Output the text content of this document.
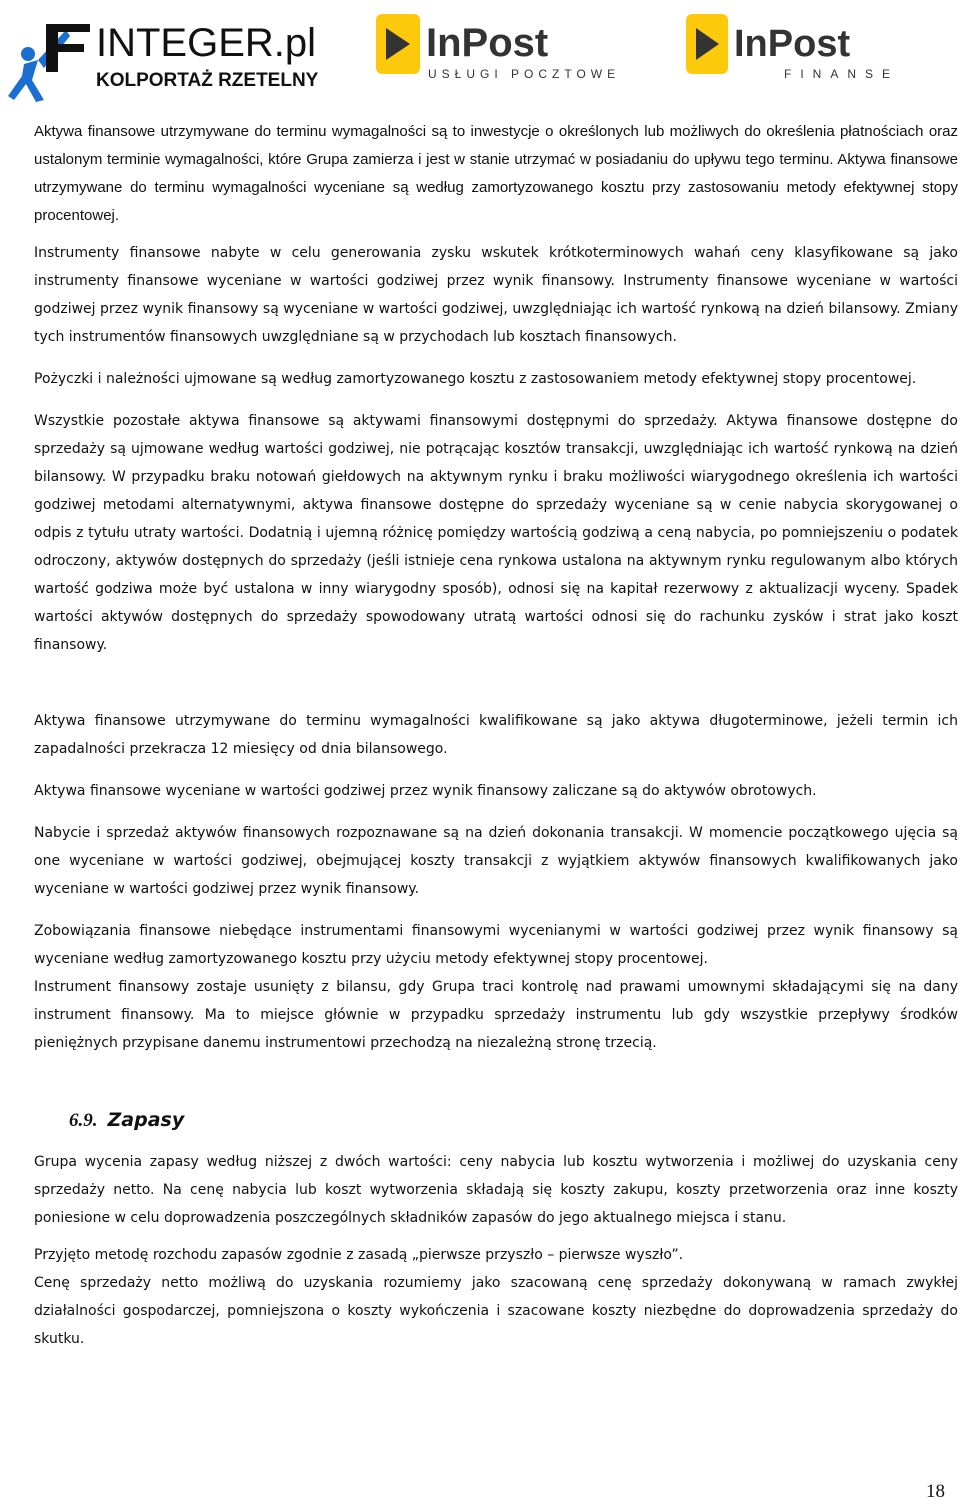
INTEGER.pl
KOLPORTAŻ RZETELNY
InPost
USŁUGI POCZTOWE
InPost
FINANSE

Aktywa finansowe utrzymywane do terminu wymagalności są to inwestycje o określonych lub możliwych do określenia płatnościach oraz ustalonym terminie wymagalności, które Grupa zamierza i jest w stanie utrzymać w posiadaniu do upływu tego terminu. Aktywa finansowe utrzymywane do terminu wymagalności wyceniane są według zamortyzowanego kosztu przy zastosowaniu metody efektywnej stopy procentowej.

Instrumenty finansowe nabyte w celu generowania zysku wskutek krótkoterminowych wahań ceny klasyfikowane są jako instrumenty finansowe wyceniane w wartości godziwej przez wynik finansowy. Instrumenty finansowe wyceniane w wartości godziwej przez wynik finansowy są wyceniane w wartości godziwej, uwzględniając ich wartość rynkową na dzień bilansowy. Zmiany tych instrumentów finansowych uwzględniane są w przychodach lub kosztach finansowych.

Pożyczki i należności ujmowane są według zamortyzowanego kosztu z zastosowaniem metody efektywnej stopy procentowej.

Wszystkie pozostałe aktywa finansowe są aktywami finansowymi dostępnymi do sprzedaży. Aktywa finansowe dostępne do sprzedaży są ujmowane według wartości godziwej, nie potrącając kosztów transakcji, uwzględniając ich wartość rynkową na dzień bilansowy. W przypadku braku notowań giełdowych na aktywnym rynku i braku możliwości wiarygodnego określenia ich wartości godziwej metodami alternatywnymi, aktywa finansowe dostępne do sprzedaży wyceniane są w cenie nabycia skorygowanej o odpis z tytułu utraty wartości. Dodatnią i ujemną różnicę pomiędzy wartością godziwą a ceną nabycia, po pomniejszeniu o podatek odroczony, aktywów dostępnych do sprzedaży (jeśli istnieje cena rynkowa ustalona na aktywnym rynku regulowanym albo których wartość godziwa może być ustalona w inny wiarygodny sposób), odnosi się na kapitał rezerwowy z aktualizacji wyceny. Spadek wartości aktywów dostępnych do sprzedaży spowodowany utratą wartości odnosi się do rachunku zysków i strat jako koszt finansowy.

Aktywa finansowe utrzymywane do terminu wymagalności kwalifikowane są jako aktywa długoterminowe, jeżeli termin ich zapadalności przekracza 12 miesięcy od dnia bilansowego.

Aktywa finansowe wyceniane w wartości godziwej przez wynik finansowy zaliczane są do aktywów obrotowych.

Nabycie i sprzedaż aktywów finansowych rozpoznawane są na dzień dokonania transakcji. W momencie początkowego ujęcia są one wyceniane w wartości godziwej, obejmującej koszty transakcji z wyjątkiem aktywów finansowych kwalifikowanych jako wyceniane w wartości godziwej przez wynik finansowy.

Zobowiązania finansowe niebędące instrumentami finansowymi wycenianymi w wartości godziwej przez wynik finansowy są wyceniane według zamortyzowanego kosztu przy użyciu metody efektywnej stopy procentowej.

Instrument finansowy zostaje usunięty z bilansu, gdy Grupa traci kontrolę nad prawami umownymi składającymi się na dany instrument finansowy. Ma to miejsce głównie w przypadku sprzedaży instrumentu lub gdy wszystkie przepływy środków pieniężnych przypisane danemu instrumentowi przechodzą na niezależną stronę trzecią.

6.9. Zapasy

Grupa wycenia zapasy według niższej z dwóch wartości: ceny nabycia lub kosztu wytworzenia i możliwej do uzyskania ceny sprzedaży netto. Na cenę nabycia lub koszt wytworzenia składają się koszty zakupu, koszty przetworzenia oraz inne koszty poniesione w celu doprowadzenia poszczególnych składników zapasów do jego aktualnego miejsca i stanu.

Przyjęto metodę rozchodu zapasów zgodnie z zasadą „pierwsze przyszło – pierwsze wyszło”.

Cenę sprzedaży netto możliwą do uzyskania rozumiemy jako szacowaną cenę sprzedaży dokonywaną w ramach zwykłej działalności gospodarczej, pomniejszona o koszty wykończenia i szacowane koszty niezbędne do doprowadzenia sprzedaży do skutku.

18
